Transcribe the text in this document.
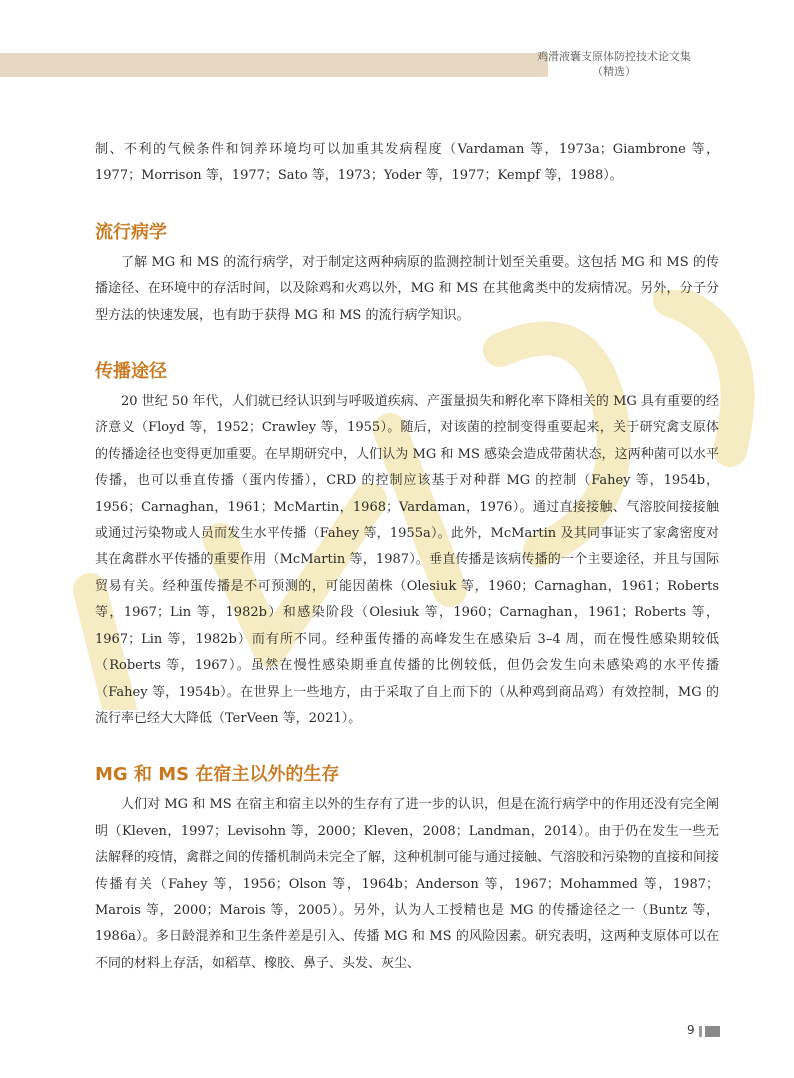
鸡滑液囊支原体防控技术论文集
（精选）

制、不利的气候条件和饲养环境均可以加重其发病程度（Vardaman 等，1973a；Giambrone 等，1977；Morrison 等，1977；Sato 等，1973；Yoder 等，1977；Kempf 等，1988）。

流行病学

了解 MG 和 MS 的流行病学，对于制定这两种病原的监测控制计划至关重要。这包括 MG 和 MS 的传播途径、在环境中的存活时间，以及除鸡和火鸡以外，MG 和 MS 在其他禽类中的发病情况。另外，分子分型方法的快速发展，也有助于获得 MG 和 MS 的流行病学知识。

传播途径

20 世纪 50 年代，人们就已经认识到与呼吸道疾病、产蛋量损失和孵化率下降相关的 MG 具有重要的经济意义（Floyd 等，1952；Crawley 等，1955）。随后，对该菌的控制变得重要起来，关于研究禽支原体的传播途径也变得更加重要。在早期研究中，人们认为 MG 和 MS 感染会造成带菌状态，这两种菌可以水平传播，也可以垂直传播（蛋内传播），CRD 的控制应该基于对种群 MG 的控制（Fahey 等，1954b，1956；Carnaghan，1961；McMartin，1968；Vardaman，1976）。通过直接接触、气溶胶间接接触或通过污染物或人员而发生水平传播（Fahey 等，1955a）。此外，McMartin 及其同事证实了家禽密度对其在禽群水平传播的重要作用（McMartin 等，1987）。垂直传播是该病传播的一个主要途径，并且与国际贸易有关。经种蛋传播是不可预测的，可能因菌株（Olesiuk 等，1960；Carnaghan，1961；Roberts 等，1967；Lin 等，1982b）和感染阶段（Olesiuk 等，1960；Carnaghan，1961；Roberts 等，1967；Lin 等，1982b）而有所不同。经种蛋传播的高峰发生在感染后 3–4 周，而在慢性感染期较低（Roberts 等，1967）。虽然在慢性感染期垂直传播的比例较低，但仍会发生向未感染鸡的水平传播（Fahey 等，1954b）。在世界上一些地方，由于采取了自上而下的（从种鸡到商品鸡）有效控制，MG 的流行率已经大大降低（TerVeen 等，2021）。

MG 和 MS 在宿主以外的生存

人们对 MG 和 MS 在宿主和宿主以外的生存有了进一步的认识，但是在流行病学中的作用还没有完全阐明（Kleven，1997；Levisohn 等，2000；Kleven，2008；Landman，2014）。由于仍在发生一些无法解释的疫情，禽群之间的传播机制尚未完全了解，这种机制可能与通过接触、气溶胶和污染物的直接和间接传播有关（Fahey 等，1956；Olson 等，1964b；Anderson 等，1967；Mohammed 等，1987；Marois 等，2000；Marois 等，2005）。另外，认为人工授精也是 MG 的传播途径之一（Buntz 等，1986a）。多日龄混养和卫生条件差是引入、传播 MG 和 MS 的风险因素。研究表明，这两种支原体可以在不同的材料上存活，如稻草、橡胶、鼻子、头发、灰尘、

9
